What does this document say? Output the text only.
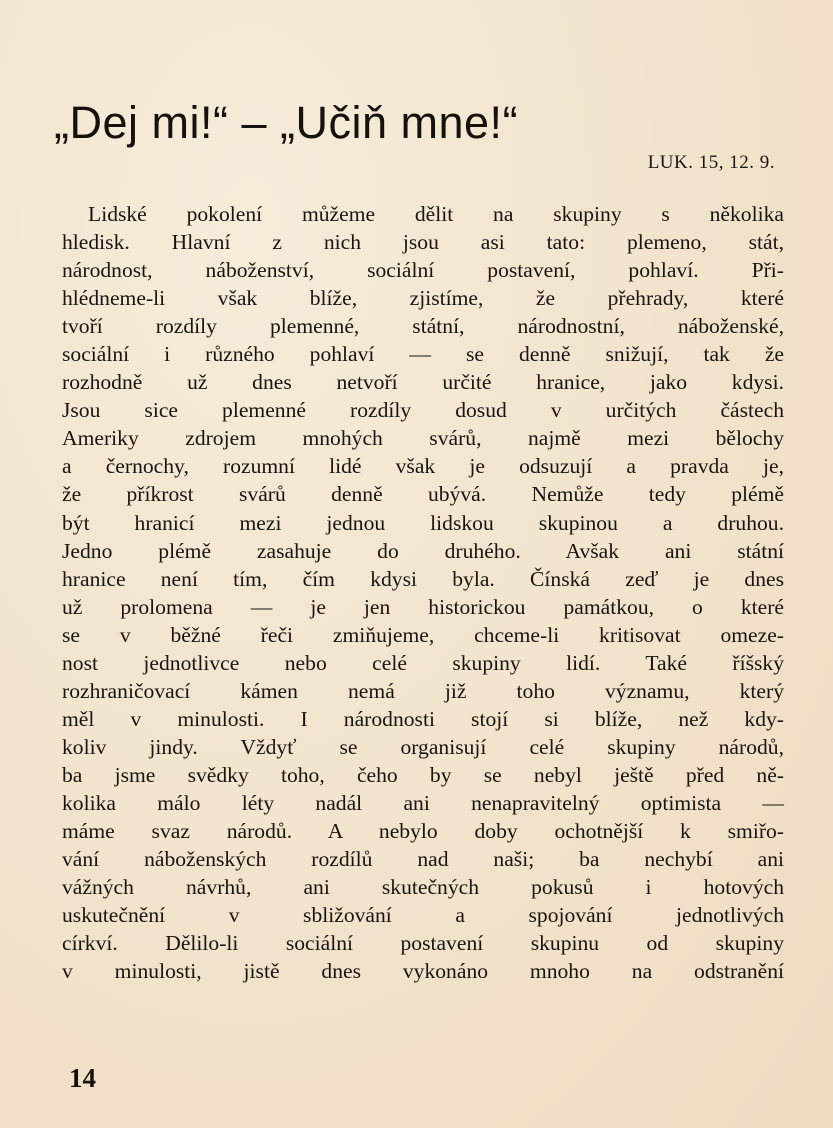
„Dej mi!“ – „Učiň mne!“
LUK. 15, 12. 9.
Lidské pokolení můžeme dělit na skupiny s několika
hledisk. Hlavní z nich jsou asi tato: plemeno, stát,
národnost, náboženství, sociální postavení, pohlaví. Při-
hlédneme-li však blíže, zjistíme, že přehrady, které
tvoří rozdíly plemenné, státní, národnostní, náboženské,
sociální i různého pohlaví — se denně snižují, tak že
rozhodně už dnes netvoří určité hranice, jako kdysi.
Jsou sice plemenné rozdíly dosud v určitých částech
Ameriky zdrojem mnohých svárů, najmě mezi bělochy
a černochy, rozumní lidé však je odsuzují a pravda je,
že příkrost svárů denně ubývá. Nemůže tedy plémě
být hranicí mezi jednou lidskou skupinou a druhou.
Jedno plémě zasahuje do druhého. Avšak ani státní
hranice není tím, čím kdysi byla. Čínská zeď je dnes
už prolomena — je jen historickou památkou, o které
se v běžné řeči zmiňujeme, chceme-li kritisovat omeze-
nost jednotlivce nebo celé skupiny lidí. Také říšský
rozhraničovací kámen nemá již toho významu, který
měl v minulosti. I národnosti stojí si blíže, než kdy-
koliv jindy. Vždyť se organisují celé skupiny národů,
ba jsme svědky toho, čeho by se nebyl ještě před ně-
kolika málo léty nadál ani nenapravitelný optimista —
máme svaz národů. A nebylo doby ochotnější k smiřo-
vání náboženských rozdílů nad naši; ba nechybí ani
vážných návrhů, ani skutečných pokusů i hotových
uskutečnění v sbližování a spojování jednotlivých
církví. Dělilo-li sociální postavení skupinu od skupiny
v minulosti, jistě dnes vykonáno mnoho na odstranění
14
